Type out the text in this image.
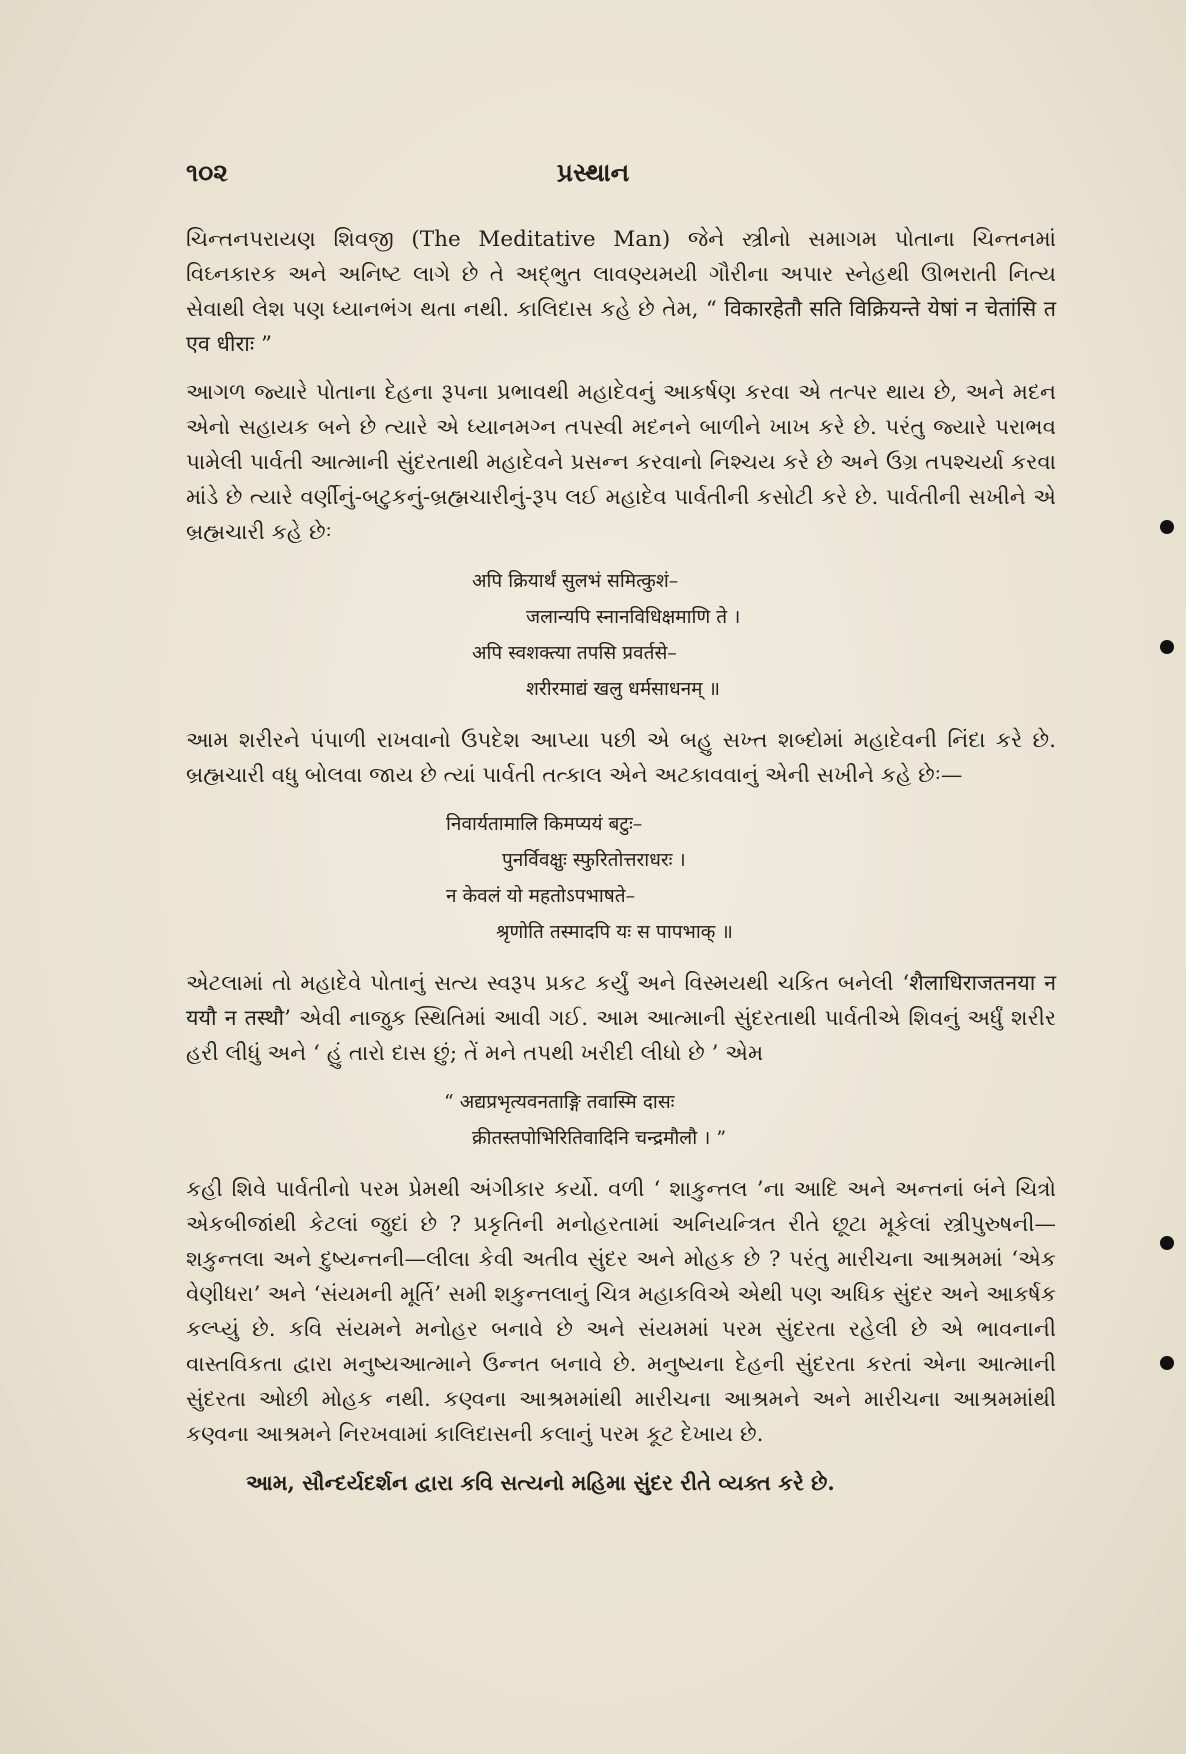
૧૦૨	પ્રસ્થાન

ચિન્તનપરાયણ શિવજી (The Meditative Man) જેને સ્ત્રીનો સમાગમ પોતાના ચિન્તનમાં વિઘ્નકારક અને અનિષ્ટ લાગે છે તે અદ્‌ભુત લાવણ્યમયી ગૌરીના અપાર સ્નેહથી ઊભરાતી નિત્ય સેવાથી લેશ પણ ધ્યાનભંગ થતા નથી. કાલિદાસ કહે છે તેમ, “ विकारहेतौ सति विक्रियन्ते येषां न चेतांसि त एव धीराः ”

આગળ જ્યારે પોતાના દેહના રૂપના પ્રભાવથી મહાદેવનું આકર્ષણ કરવા એ તત્પર થાય છે, અને મદન એનો સહાયક બને છે ત્યારે એ ધ્યાનમગ્ન તપસ્વી મદનને બાળીને ખાખ કરે છે. પરંતુ જ્યારે પરાભવ પામેલી પાર્વતી આત્માની સુંદરતાથી મહાદેવને પ્રસન્ન કરવાનો નિશ્ચય કરે છે અને ઉગ્ર તપશ્ચર્યા કરવા માંડે છે ત્યારે વર્ણીનું-બટુકનું-બ્રહ્મચારીનું-રૂપ લઈ મહાદેવ પાર્વતીની કસોટી કરે છે. પાર્વતીની સખીને એ બ્રહ્મચારી કહે છેઃ

अपि क्रियार्थं सुलभं समित्कुशं–
जलान्यपि स्नानविधिक्षमाणि ते ।
अपि स्वशक्त्या तपसि प्रवर्तसे–
शरीरमाद्यं खलु धर्मसाधनम् ॥

આમ શરીરને પંપાળી રાખવાનો ઉપદેશ આપ્યા પછી એ બહુ સખ્ત શબ્દોમાં મહાદેવની નિંદા કરે છે. બ્રહ્મચારી વધુ બોલવા જાય છે ત્યાં પાર્વતી તત્કાલ એને અટકાવવાનું એની સખીને કહે છેઃ—

निवार्यतामालि किमप्ययं बटुः–
पुनर्विवक्षुः स्फुरितोत्तराधरः ।
न केवलं यो महतोऽपभाषते–
श्रृणोति तस्मादपि यः स पापभाक् ॥

એટલામાં તો મહાદેવે પોતાનું સત્ય સ્વરૂપ પ્રકટ કર્યું અને વિસ્મયથી ચકિત બનેલી ‘शैलाधिराजतनया न ययौ न तस्थौ’ એવી નાજુક સ્થિતિમાં આવી ગઈ. આમ આત્માની સુંદરતાથી પાર્વતીએ શિવનું અર્ધું શરીર હરી લીધું અને ‘ હું તારો દાસ છું; તેં મને તપથી ખરીદી લીધો છે ’ એમ

“ अद्यप्रभृत्यवनताङ्गि तवास्मि दासः
क्रीतस्तपोभिरितिवादिनि चन्द्रमौलौ । ”

કહી શિવે પાર્વતીનો પરમ પ્રેમથી અંગીકાર કર્યો. વળી ‘ શાકુન્તલ ’ના આદિ અને અન્તનાં બંને ચિત્રો એકબીજાંથી કેટલાં જુદાં છે ? પ્રકૃતિની મનોહરતામાં અનિયન્ત્રિત રીતે છૂટા મૂકેલાં સ્ત્રીપુરુષની—શકુન્તલા અને દુષ્યન્તની—લીલા કેવી અતીવ સુંદર અને મોહક છે ? પરંતુ મારીચના આશ્રમમાં ‘એક વેણીધરા’ અને ‘સંયમની મૂર્તિ’ સમી શકુન્તલાનું ચિત્ર મહાકવિએ એથી પણ અધિક સુંદર અને આકર્ષક કલ્પ્યું છે. કવિ સંયમને મનોહર બનાવે છે અને સંયમમાં પરમ સુંદરતા રહેલી છે એ ભાવનાની વાસ્તવિકતા દ્વારા મનુષ્યઆત્માને ઉન્નત બનાવે છે. મનુષ્યના દેહની સુંદરતા કરતાં એના આત્માની સુંદરતા ઓછી મોહક નથી. કણ્વના આશ્રમમાંથી મારીચના આશ્રમને અને મારીચના આશ્રમમાંથી કણ્વના આશ્રમને નિરખવામાં કાલિદાસની કલાનું પરમ કૂટ દેખાય છે.

આમ, સૌન્દર્યદર્શન દ્વારા કવિ સત્યનો મહિમા સુંદર રીતે વ્યક્ત કરે છે.
